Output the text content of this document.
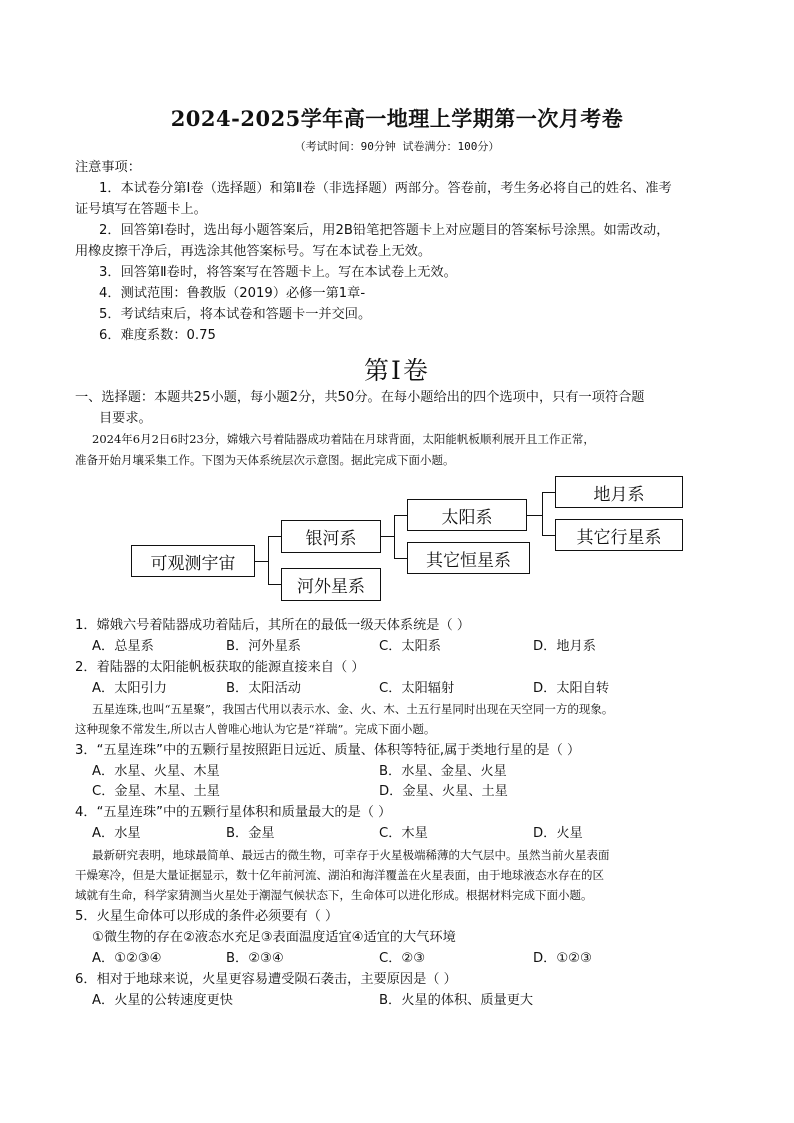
2024-2025学年高一地理上学期第一次月考卷
（考试时间：90分钟 试卷满分：100分）
注意事项：
1．本试卷分第Ⅰ卷（选择题）和第Ⅱ卷（非选择题）两部分。答卷前，考生务必将自己的姓名、准考
证号填写在答题卡上。
2．回答第Ⅰ卷时，选出每小题答案后，用2B铅笔把答题卡上对应题目的答案标号涂黑。如需改动，
用橡皮擦干净后，再选涂其他答案标号。写在本试卷上无效。
3．回答第Ⅱ卷时，将答案写在答题卡上。写在本试卷上无效。
4．测试范围：鲁教版（2019）必修一第1章-
5．考试结束后，将本试卷和答题卡一并交回。
6．难度系数：0.75
第Ⅰ卷
一、选择题：本题共25小题，每小题2分，共50分。在每小题给出的四个选项中，只有一项符合题
目要求。
2024年6月2日6时23分，嫦娥六号着陆器成功着陆在月球背面，太阳能帆板顺利展开且工作正常，
准备开始月壤采集工作。下图为天体系统层次示意图。据此完成下面小题。
可观测宇宙
银河系
河外星系
太阳系
其它恒星系
地月系
其它行星系
1．嫦娥六号着陆器成功着陆后，其所在的最低一级天体系统是（ ）
A．总星系	B．河外星系	C．太阳系	D．地月系
2．着陆器的太阳能帆板获取的能源直接来自（ ）
A．太阳引力	B．太阳活动	C．太阳辐射	D．太阳自转
五星连珠,也叫“五星聚”，我国古代用以表示水、金、火、木、土五行星同时出现在天空同一方的现象。
这种现象不常发生,所以古人曾唯心地认为它是“祥瑞”。完成下面小题。
3．“五星连珠”中的五颗行星按照距日远近、质量、体积等特征,属于类地行星的是（ ）
A．水星、火星、木星	B．水星、金星、火星
C．金星、木星、土星	D．金星、火星、土星
4．“五星连珠”中的五颗行星体积和质量最大的是（ ）
A．水星	B．金星	C．木星	D．火星
最新研究表明，地球最简单、最远古的微生物，可幸存于火星极端稀薄的大气层中。虽然当前火星表面
干燥寒冷，但是大量证据显示，数十亿年前河流、湖泊和海洋覆盖在火星表面，由于地球液态水存在的区
域就有生命，科学家猜测当火星处于潮湿气候状态下，生命体可以进化形成。根据材料完成下面小题。
5．火星生命体可以形成的条件必须要有（ ）
①微生物的存在②液态水充足③表面温度适宜④适宜的大气环境
A．①②③④	B．②③④	C．②③	D．①②③
6．相对于地球来说，火星更容易遭受陨石袭击，主要原因是（ ）
A．火星的公转速度更快	B．火星的体积、质量更大
